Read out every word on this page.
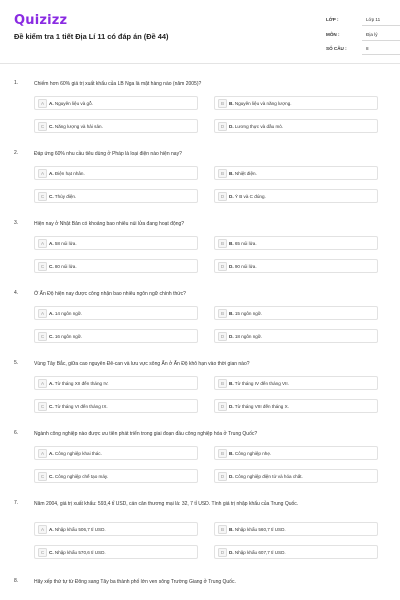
Quizizz
Đề kiểm tra 1 tiết Địa Lí 11 có đáp án (Đề 44)
LỚP :	Lớp 11
MÔN :	Địa lý
SỐ CÂU :	8
1.	Chiếm hơn 60% giá trị xuất khẩu của LB Nga là mặt hàng nào (năm 2005)?
A	A. Nguyên liệu và gỗ.	B	B. Nguyên liệu và năng lượng.
C	C. Năng lượng và hải sản.	D	D. Lương thực và dầu mỏ.
2.	Đáp ứng 60% nhu cầu tiêu dùng ở Pháp là loại điện nào hiện nay?
A	A. Điện hạt nhân.	B	B. Nhiệt điện.
C	C. Thủy điện.	D	D. Ý B và C đúng.
3.	Hiện nay ở Nhật Bản có khoảng bao nhiêu núi lửa đang hoạt động?
A	A. 58 núi lửa.	B	B. 65 núi lửa.
C	C. 80 núi lửa.	D	D. 90 núi lửa.
4.	Ở Ấn Độ hiện nay được công nhận bao nhiêu ngôn ngữ chính thức?
A	A. 14 ngôn ngữ.	B	B. 15 ngôn ngữ.
C	C. 16 ngôn ngữ.	D	D. 18 ngôn ngữ.
5.	Vùng Tây Bắc, giữa cao nguyên Đê-can và lưu vực sông Ấn ở Ấn Độ khô hạn vào thời gian nào?
A	A. Từ tháng XII đến tháng IV.	B	B. Từ tháng IV đến tháng VII.
C	C. Từ tháng VI đến tháng IX.	D	D. Từ tháng VIII đến tháng X.
6.	Ngành công nghiệp nào được ưu tiên phát triển trong giai đoạn đầu công nghiệp hóa ở Trung Quốc?
A	A. Công nghiệp khai thác.	B	B. Công nghiệp nhẹ.
C	C. Công nghiệp chế tạo máy.	D	D. Công nghiệp điện tử và hóa chất.
7.	Năm 2004, giá trị xuất khẩu: 593,4 tỉ USD, cán cân thương mại là: 32, 7 tỉ USD. Tính giá trị nhập khẩu của Trung Quốc.
A	A. Nhập khẩu 506,7 tỉ USD.	B	B. Nhập khẩu 560,7 tỉ USD.
C	C. Nhập khẩu 570,6 tỉ USD.	D	D. Nhập khẩu 607,7 tỉ USD.
8.	Hãy xếp thứ tự từ Đông sang Tây ba thành phố lớn ven sông Trường Giang ở Trung Quốc.
